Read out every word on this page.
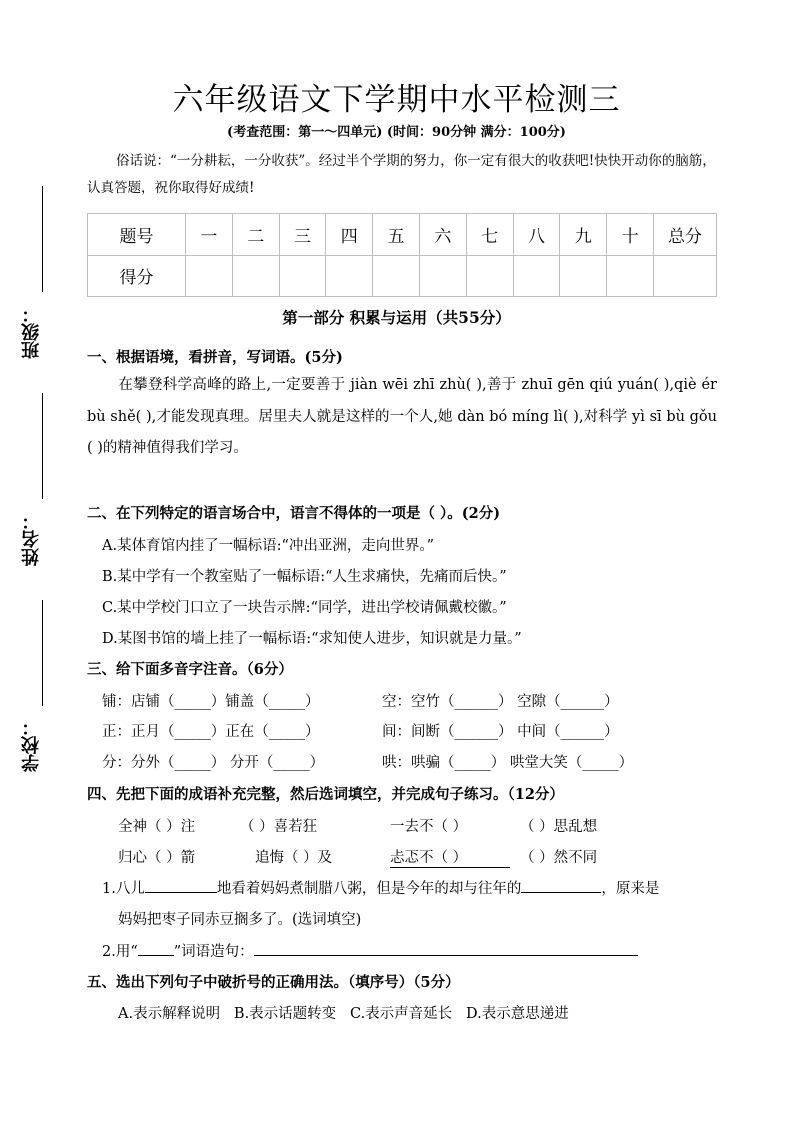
班级：
姓名：
学校：
六年级语文下学期中水平检测三
(考查范围：第一～四单元) (时间：90分钟 满分：100分)
俗话说：“一分耕耘，一分收获”。经过半个学期的努力，你一定有很大的收获吧!快快开动你的脑筋，认真答题，祝你取得好成绩!
题号	一	二	三	四	五	六	七	八	九	十	总分
得分											
第一部分 积累与运用（共55分）
一、根据语境，看拼音，写词语。(5分)
在攀登科学高峰的路上,一定要善于 jiàn wēi zhī zhù( ),善于 zhuī gēn qiú yuán( ),qiè ér bù shě( ),才能发现真理。居里夫人就是这样的一个人,她 dàn bó míng lì( ),对科学 yì sī bù gǒu ( )的精神值得我们学习。
二、在下列特定的语言场合中，语言不得体的一项是（ ）。(2分)
A.某体育馆内挂了一幅标语:“冲出亚洲，走向世界。”
B.某中学有一个教室贴了一幅标语:“人生求痛快，先痛而后快。”
C.某中学校门口立了一块告示牌:“同学，进出学校请佩戴校徽。”
D.某图书馆的墙上挂了一幅标语:“求知使人进步，知识就是力量。”
三、给下面多音字注音。（6分）
铺：店铺（_____）铺盖（_____）	空：空竹（______） 空隙（______）
正：正月（_____）正在（_____）	间：间断（______） 中间（______）
分：分外（_____） 分开（_____）	哄：哄骗（_____） 哄堂大笑（_____）
四、先把下面的成语补充完整，然后选词填空，并完成句子练习。（12分）
全神（ ）注	（ ）喜若狂	一去不（ ）	（ ）思乱想
归心（ ）箭	追悔（ ）及	忐忑不（ ）	（ ）然不同
1.八儿	地看着妈妈煮制腊八粥，但是今年的却与往年的	，原来是
妈妈把枣子同赤豆搁多了。(选词填空)
2.用“ ”词语造句：
五、选出下列句子中破折号的正确用法。（填序号）（5分）
A.表示解释说明   B.表示话题转变   C.表示声音延长   D.表示意思递进
